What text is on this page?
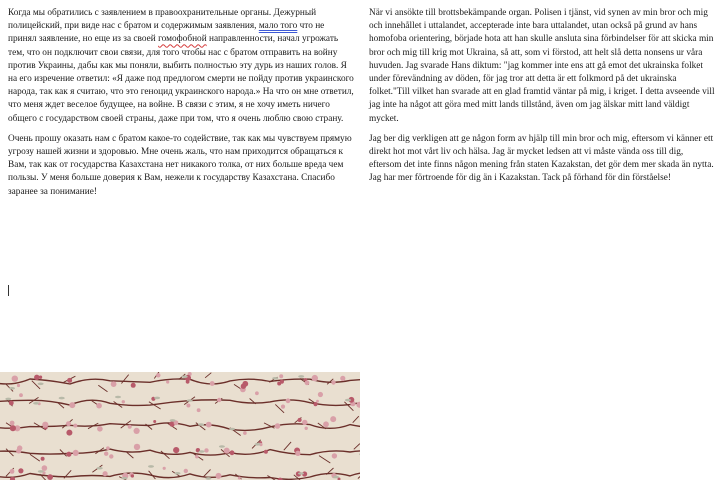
Когда мы обратились с заявлением в правоохранительные органы. Дежурный полицейский, при виде нас с братом и содержимым заявления, мало того что не принял заявление, но еще из за своей гомофобной направленности, начал угрожать тем, что он подключит свои связи, для того чтобы нас с братом отправить на войну против Украины, дабы как мы поняли, выбить полностью эту дурь из наших голов. Я на его изречение ответил: «Я даже под предлогом смерти не пойду против украинского народа, так как я считаю, что это геноцид украинского народа.» На что он мне ответил, что меня ждет веселое будущее, на войне. В связи с этим, я не хочу иметь ничего общего с государством своей страны, даже при том, что я очень люблю свою страну.

Очень прошу оказать нам с братом какое-то содействие, так как мы чувствуем прямую угрозу нашей жизни и здоровью. Мне очень жаль, что нам приходится обращаться к Вам, так как от государства Казахстана нет никакого толка, от них больше вреда чем пользы. У меня больше доверия к Вам, нежели к государству Казахстана. Спасибо заранее за понимание!

När vi ansökte till brottsbekämpande organ. Polisen i tjänst, vid synen av min bror och mig och innehållet i uttalandet, accepterade inte bara uttalandet, utan också på grund av hans homofoba orientering, började hota att han skulle ansluta sina förbindelser för att skicka min bror och mig till krig mot Ukraina, så att, som vi förstod, att helt slå detta nonsens ur våra huvuden. Jag svarade Hans diktum: "jag kommer inte ens att gå emot det ukrainska folket under förevändning av döden, för jag tror att detta är ett folkmord på det ukrainska folket."Till vilket han svarade att en glad framtid väntar på mig, i kriget. I detta avseende vill jag inte ha något att göra med mitt lands tillstånd, även om jag älskar mitt land väldigt mycket.

Jag ber dig verkligen att ge någon form av hjälp till min bror och mig, eftersom vi känner ett direkt hot mot vårt liv och hälsa. Jag är mycket ledsen att vi måste vända oss till dig, eftersom det inte finns någon mening från staten Kazakstan, det gör dem mer skada än nytta. Jag har mer förtroende för dig än i Kazakstan. Tack på förhand för din förståelse!
